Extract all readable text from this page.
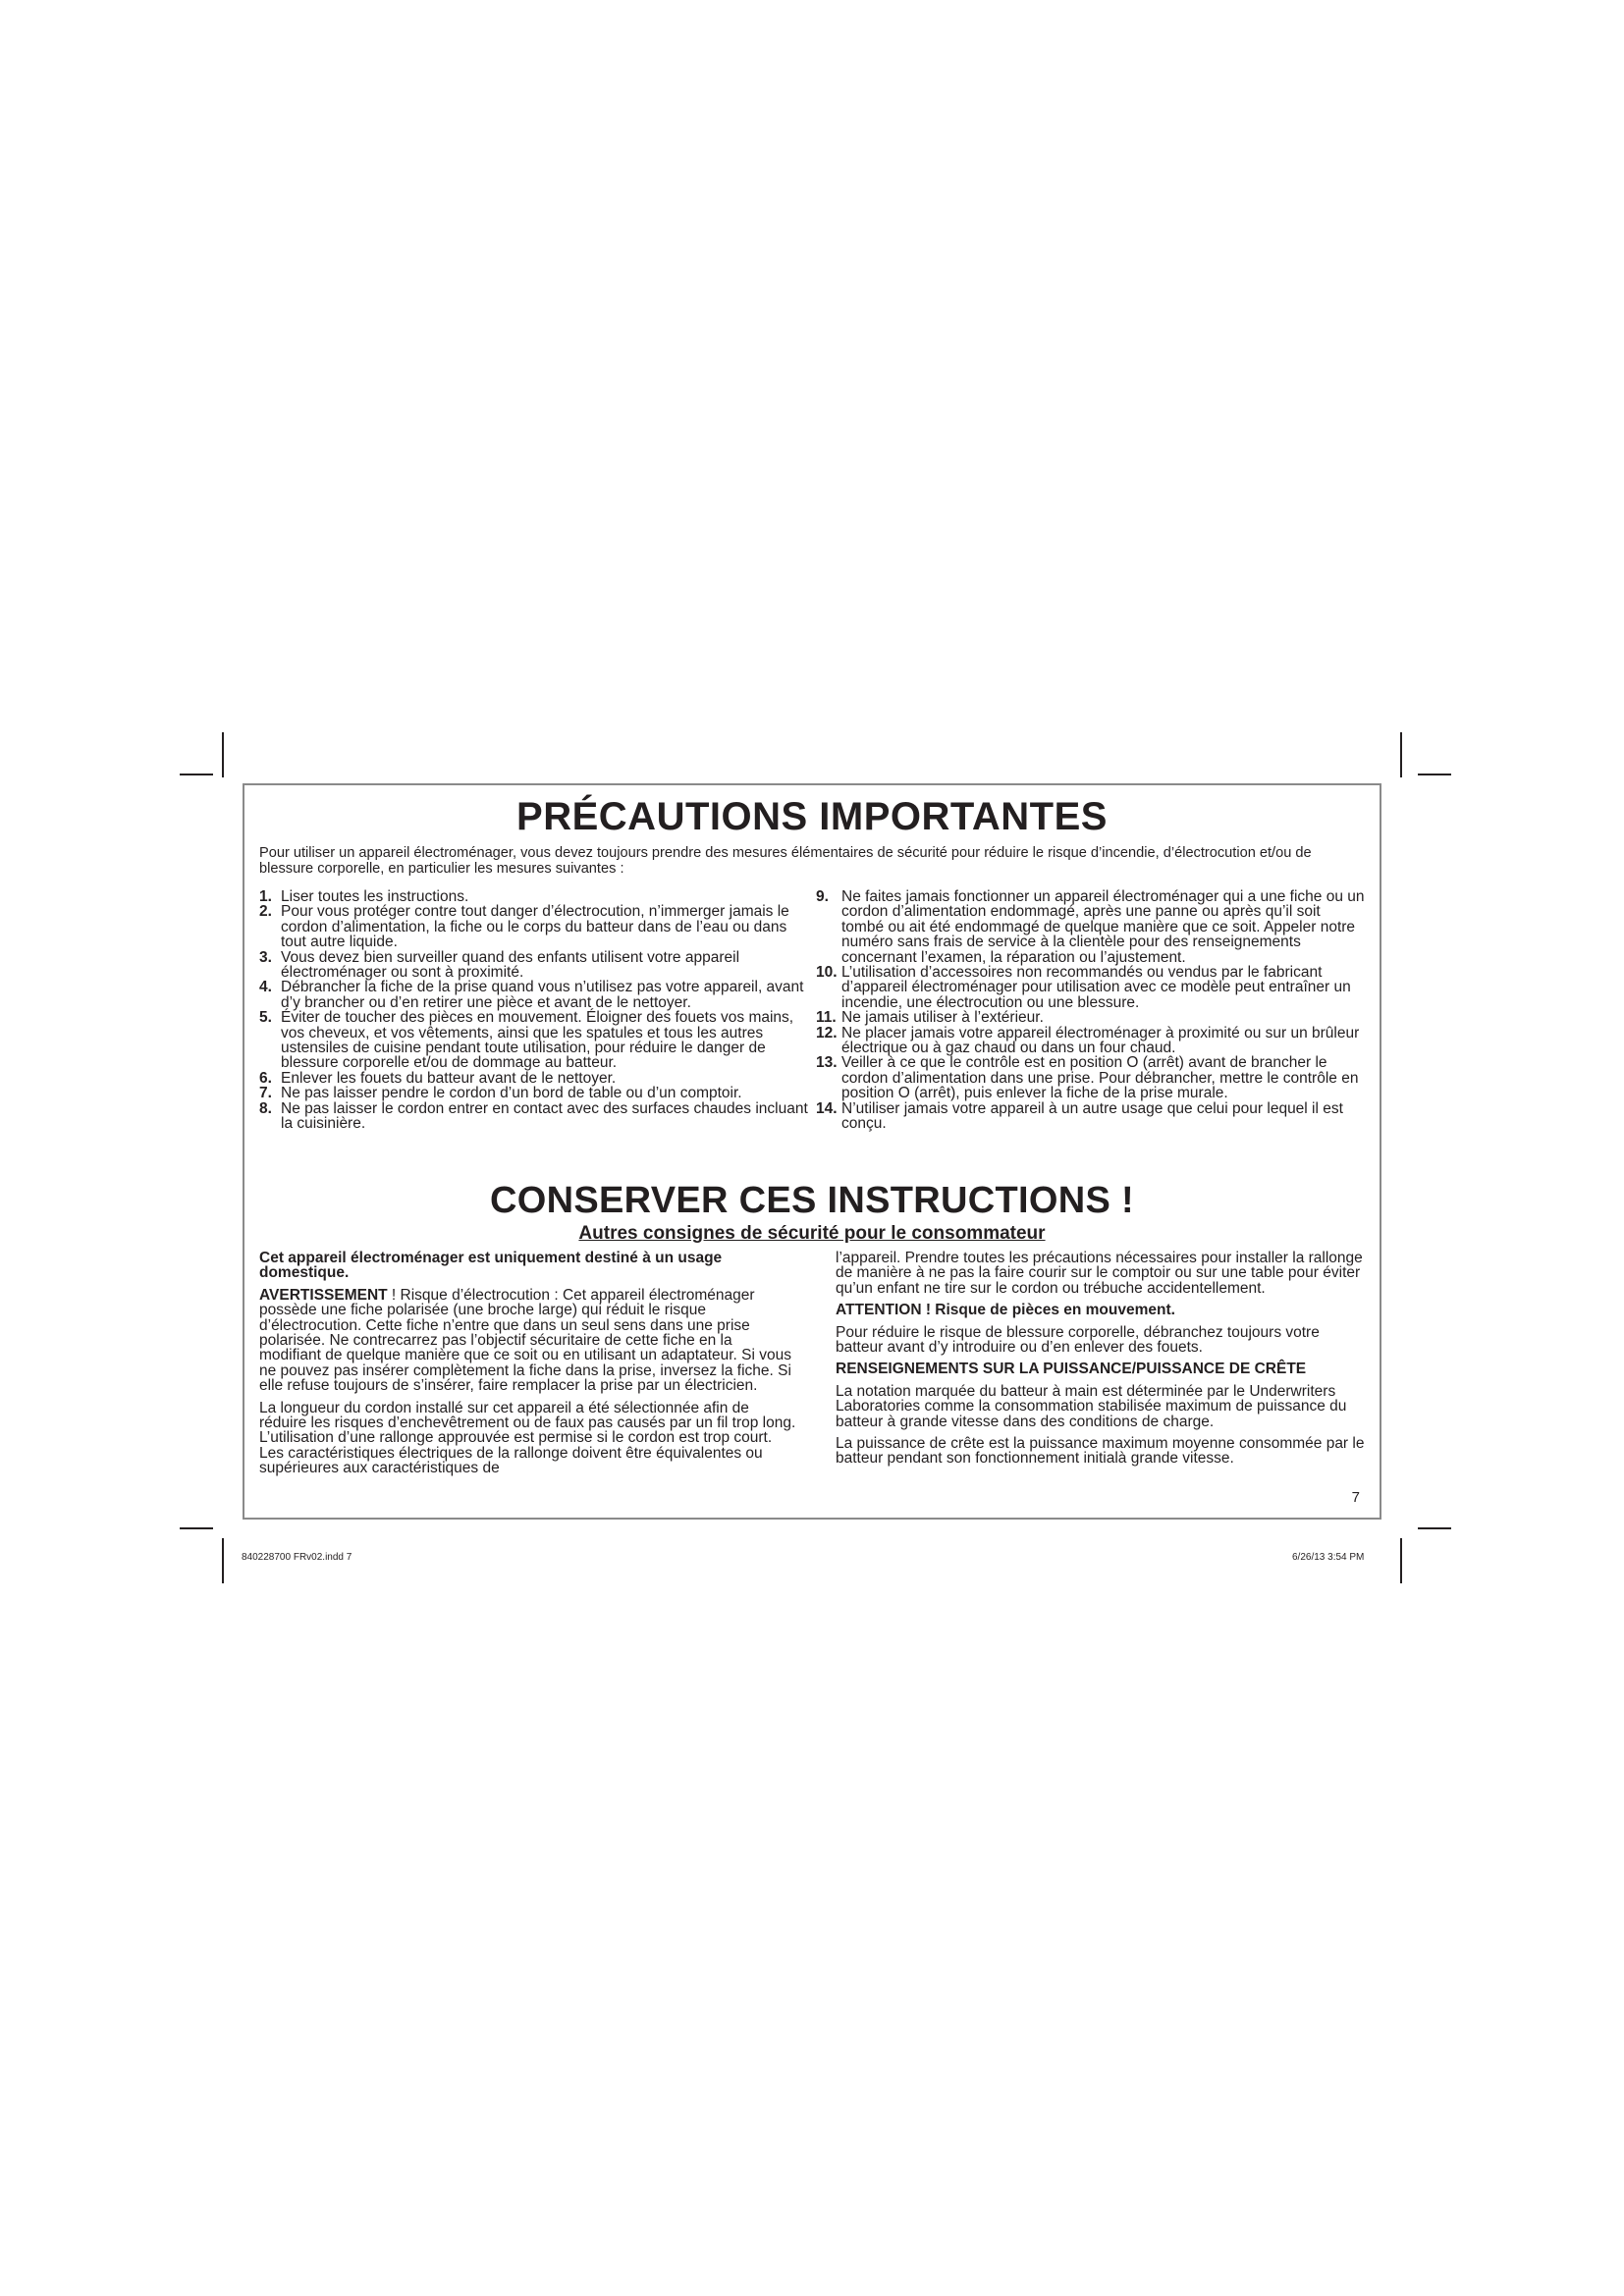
840228700 FRv02.indd 7	6/26/13 3:54 PM
PRÉCAUTIONS IMPORTANTES
Pour utiliser un appareil électroménager, vous devez toujours prendre des mesures élémentaires de sécurité pour réduire le risque d’incendie, d’électrocution et/ou de blessure corporelle, en particulier les mesures suivantes :
1. Liser toutes les instructions.
2. Pour vous protéger contre tout danger d’électrocution, n’immerger jamais le cordon d’alimentation, la fiche ou le corps du batteur dans de l’eau ou dans tout autre liquide.
3. Vous devez bien surveiller quand des enfants utilisent votre appareil électroménager ou sont à proximité.
4. Débrancher la fiche de la prise quand vous n’utilisez pas votre appareil, avant d’y brancher ou d’en retirer une pièce et avant de le nettoyer.
5. Éviter de toucher des pièces en mouvement. Éloigner des fouets vos mains, vos cheveux, et vos vêtements, ainsi que les spatules et tous les autres ustensiles de cuisine pendant toute utilisation, pour réduire le danger de blessure corporelle et/ou de dommage au batteur.
6. Enlever les fouets du batteur avant de le nettoyer.
7. Ne pas laisser pendre le cordon d’un bord de table ou d’un comptoir.
8. Ne pas laisser le cordon entrer en contact avec des surfaces chaudes incluant la cuisinière.
9. Ne faites jamais fonctionner un appareil électroménager qui a une fiche ou un cordon d’alimentation endommagé, après une panne ou après qu’il soit tombé ou ait été endommagé de quelque manière que ce soit. Appeler notre numéro sans frais de service à la clientèle pour des renseignements concernant l’examen, la réparation ou l’ajustement.
10. L’utilisation d’accessoires non recommandés ou vendus par le fabricant d’appareil électroménager pour utilisation avec ce modèle peut entraîner un incendie, une électrocution ou une blessure.
11. Ne jamais utiliser à l’extérieur.
12. Ne placer jamais votre appareil électroménager à proximité ou sur un brûleur électrique ou à gaz chaud ou dans un four chaud.
13. Veiller à ce que le contrôle est en position O (arrêt) avant de brancher le cordon d’alimentation dans une prise. Pour débrancher, mettre le contrôle en position O (arrêt), puis enlever la fiche de la prise murale.
14. N’utiliser jamais votre appareil à un autre usage que celui pour lequel il est conçu.
CONSERVER CES INSTRUCTIONS !
Autres consignes de sécurité pour le consommateur

Cet appareil électroménager est uniquement destiné à un usage domestique.

AVERTISSEMENT ! Risque d’électrocution : Cet appareil électroménager possède une fiche polarisée (une broche large) qui réduit le risque d’électrocution. Cette fiche n’entre que dans un seul sens dans une prise polarisée. Ne contrecarrez pas l’objectif sécuritaire de cette fiche en la modifiant de quelque manière que ce soit ou en utilisant un adaptateur. Si vous ne pouvez pas insérer complètement la fiche dans la prise, inversez la fiche. Si elle refuse toujours de s’insérer, faire remplacer la prise par un électricien.

La longueur du cordon installé sur cet appareil a été sélectionnée afin de réduire les risques d’enchevêtrement ou de faux pas causés par un fil trop long. L’utilisation d’une rallonge approuvée est permise si le cordon est trop court. Les caractéristiques électriques de la rallonge doivent être équivalentes ou supérieures aux caractéristiques de

l’appareil. Prendre toutes les précautions nécessaires pour installer la rallonge de manière à ne pas la faire courir sur le comptoir ou sur une table pour éviter qu’un enfant ne tire sur le cordon ou trébuche accidentellement.

ATTENTION ! Risque de pièces en mouvement.

Pour réduire le risque de blessure corporelle, débranchez toujours votre batteur avant d’y introduire ou d’en enlever des fouets.

RENSEIGNEMENTS SUR LA PUISSANCE/PUISSANCE DE CRÊTE

La notation marquée du batteur à main est déterminée par le Underwriters Laboratories comme la consommation stabilisée maximum de puissance du batteur à grande vitesse dans des conditions de charge.

La puissance de crête est la puissance maximum moyenne consommée par le batteur pendant son fonctionnement initialà grande vitesse.

7
